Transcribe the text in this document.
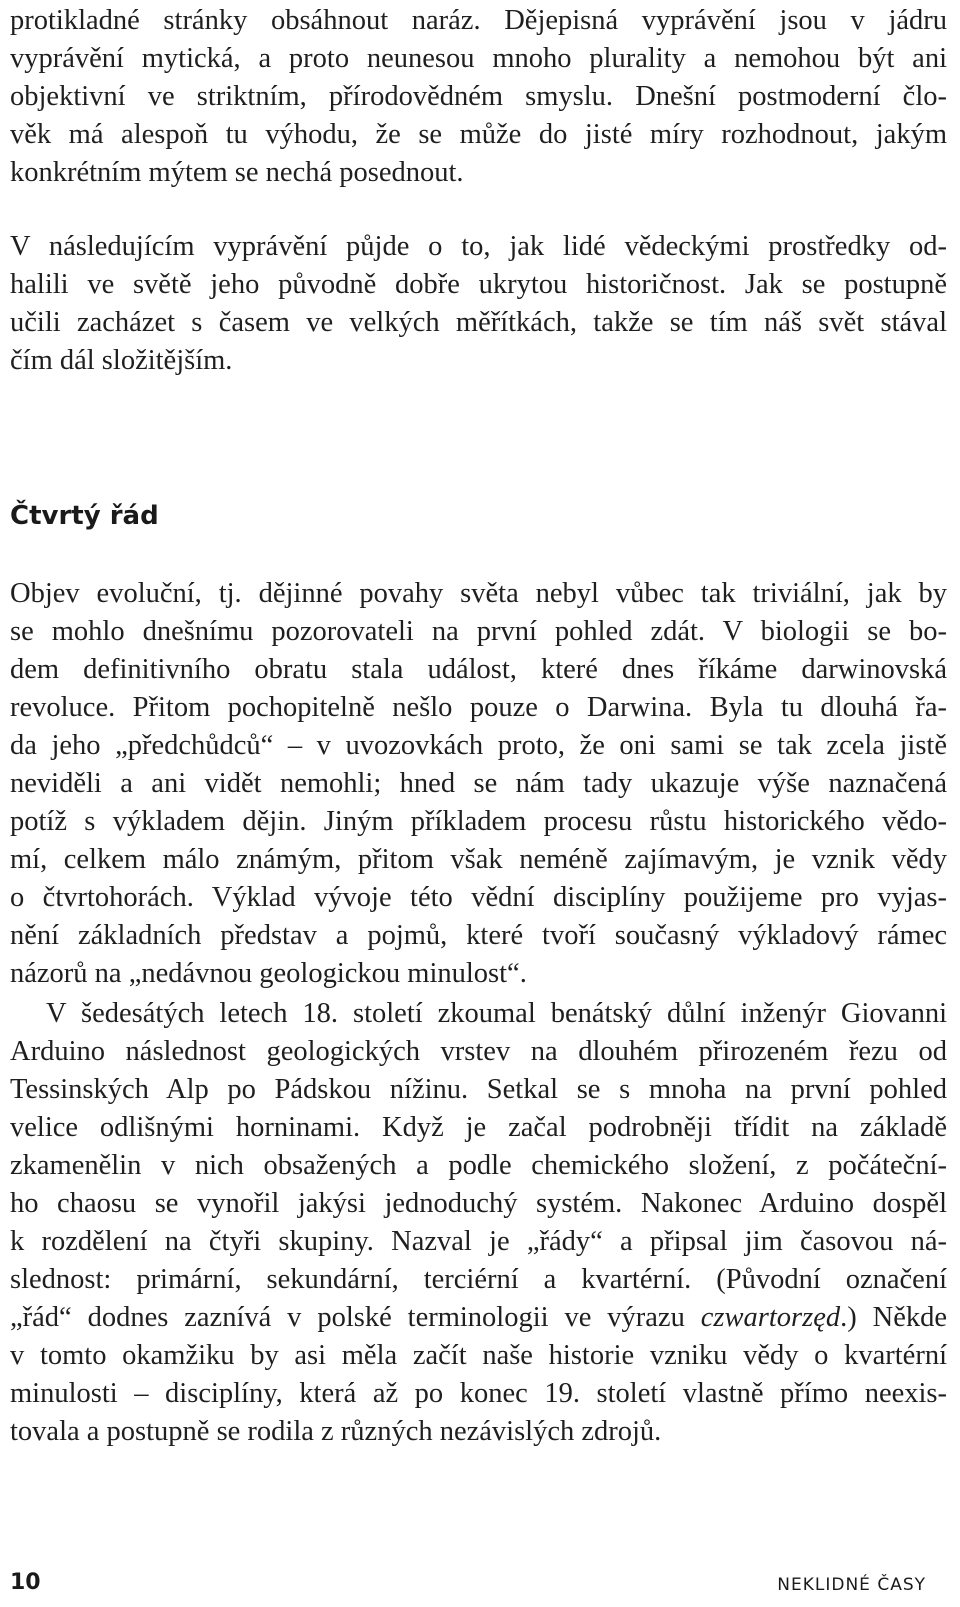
protikladné stránky obsáhnout naráz. Dějepisná vyprávění jsou v jádru
vyprávění mytická, a proto neunesou mnoho plurality a nemohou být ani
objektivní ve striktním, přírodovědném smyslu. Dnešní postmoderní člo-
věk má alespoň tu výhodu, že se může do jisté míry rozhodnout, jakým
konkrétním mýtem se nechá posednout.
V následujícím vyprávění půjde o to, jak lidé vědeckými prostředky od-
halili ve světě jeho původně dobře ukrytou historičnost. Jak se postupně
učili zacházet s časem ve velkých měřítkách, takže se tím náš svět stával
čím dál složitějším.
Čtvrtý řád
Objev evoluční, tj. dějinné povahy světa nebyl vůbec tak triviální, jak by
se mohlo dnešnímu pozorovateli na první pohled zdát. V biologii se bo-
dem definitivního obratu stala událost, které dnes říkáme darwinovská
revoluce. Přitom pochopitelně nešlo pouze o Darwina. Byla tu dlouhá řa-
da jeho „předchůdců“ – v uvozovkách proto, že oni sami se tak zcela jistě
neviděli a ani vidět nemohli; hned se nám tady ukazuje výše naznačená
potíž s výkladem dějin. Jiným příkladem procesu růstu historického vědo-
mí, celkem málo známým, přitom však neméně zajímavým, je vznik vědy
o čtvrtohorách. Výklad vývoje této vědní disciplíny použijeme pro vyjas-
nění základních představ a pojmů, které tvoří současný výkladový rámec
názorů na „nedávnou geologickou minulost“.
V šedesátých letech 18. století zkoumal benátský důlní inženýr Giovanni
Arduino následnost geologických vrstev na dlouhém přirozeném řezu od
Tessinských Alp po Pádskou nížinu. Setkal se s mnoha na první pohled
velice odlišnými horninami. Když je začal podrobněji třídit na základě
zkamenělin v nich obsažených a podle chemického složení, z počáteční-
ho chaosu se vynořil jakýsi jednoduchý systém. Nakonec Arduino dospěl
k rozdělení na čtyři skupiny. Nazval je „řády“ a připsal jim časovou ná-
slednost: primární, sekundární, terciérní a kvartérní. (Původní označení
„řád“ dodnes zaznívá v polské terminologii ve výrazu czwartorzęd.) Někde
v tomto okamžiku by asi měla začít naše historie vzniku vědy o kvartérní
minulosti – disciplíny, která až po konec 19. století vlastně přímo neexis-
tovala a postupně se rodila z různých nezávislých zdrojů.
10	NEKLIDNÉ ČASY
